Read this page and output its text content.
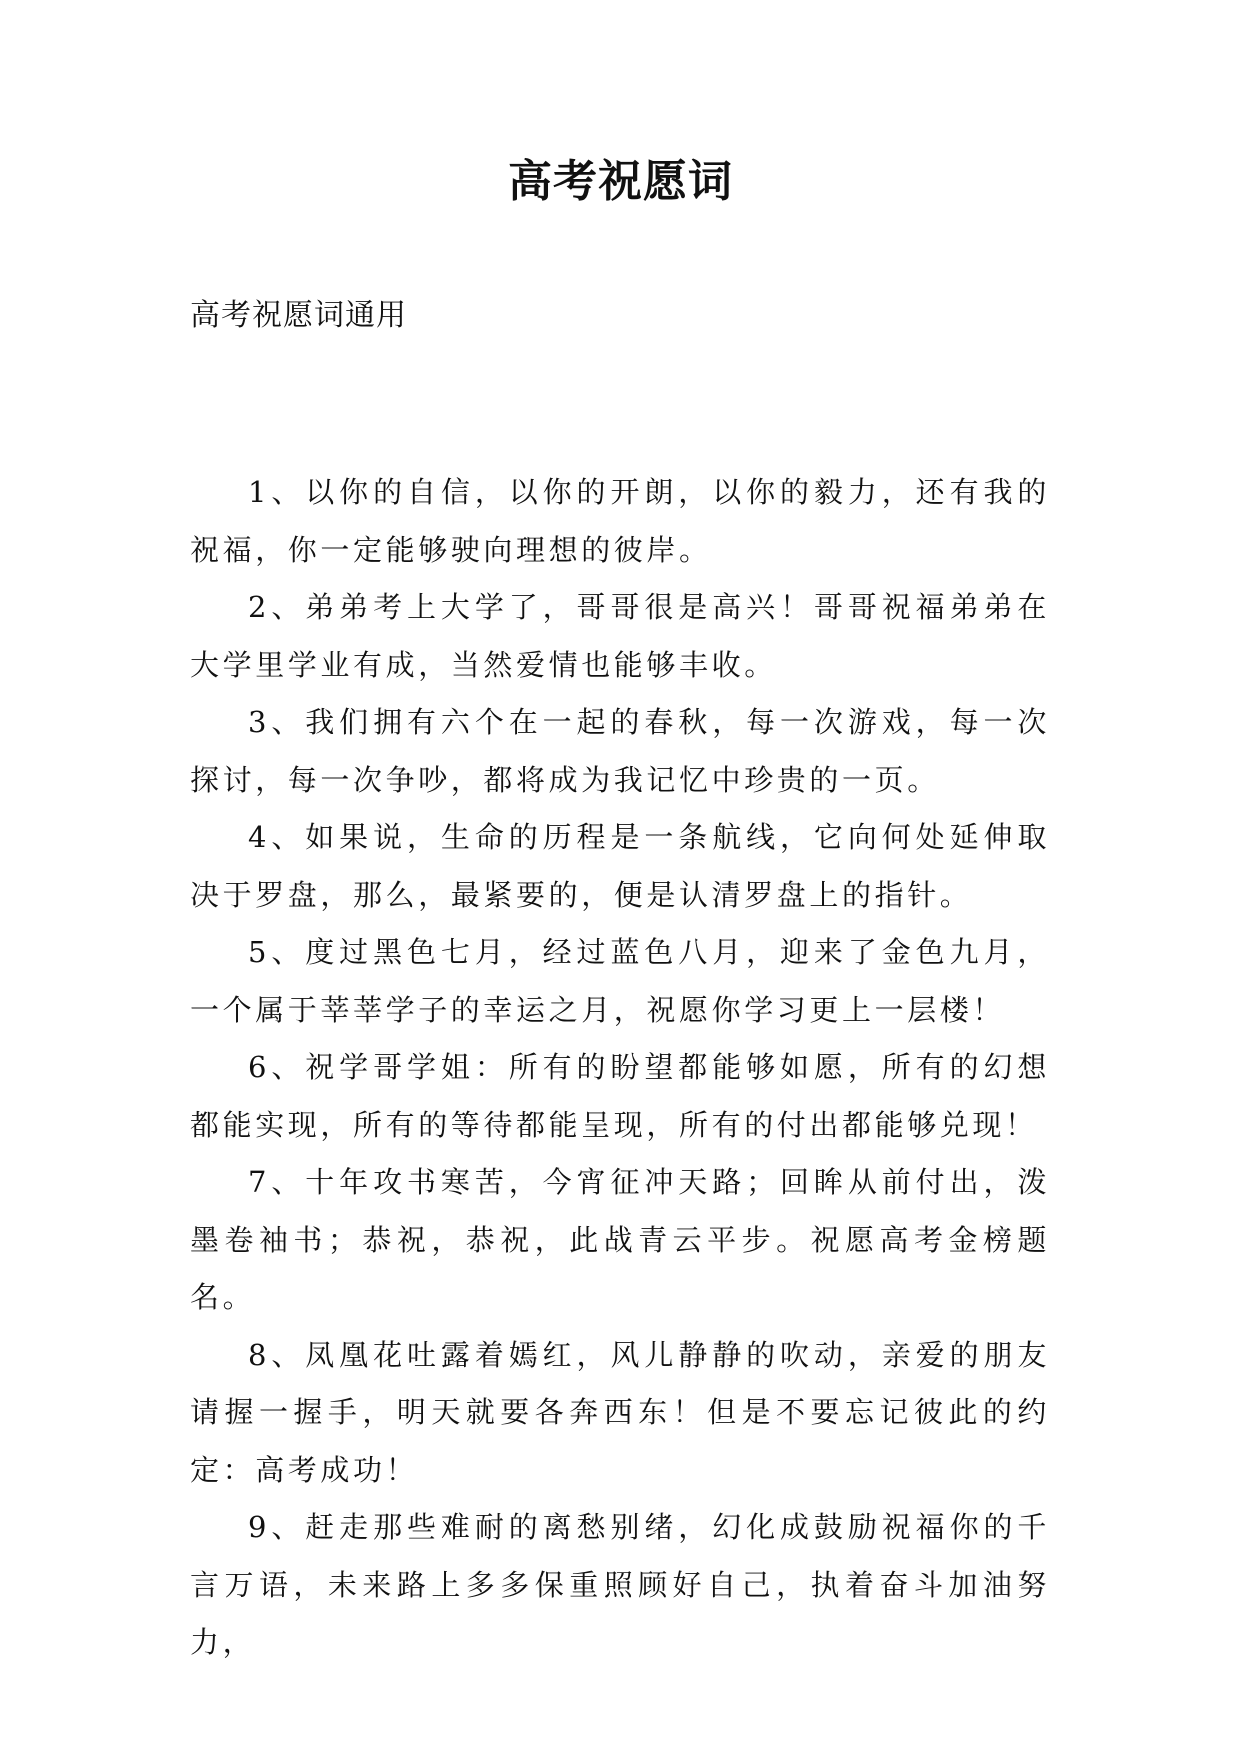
高考祝愿词

高考祝愿词通用

1、以你的自信，以你的开朗，以你的毅力，还有我的祝福，你一定能够驶向理想的彼岸。

2、弟弟考上大学了，哥哥很是高兴！哥哥祝福弟弟在大学里学业有成，当然爱情也能够丰收。

3、我们拥有六个在一起的春秋，每一次游戏，每一次探讨，每一次争吵，都将成为我记忆中珍贵的一页。

4、如果说，生命的历程是一条航线，它向何处延伸取决于罗盘，那么，最紧要的，便是认清罗盘上的指针。

5、度过黑色七月，经过蓝色八月，迎来了金色九月，一个属于莘莘学子的幸运之月，祝愿你学习更上一层楼！

6、祝学哥学姐：所有的盼望都能够如愿，所有的幻想都能实现，所有的等待都能呈现，所有的付出都能够兑现！

7、十年攻书寒苦，今宵征冲天路；回眸从前付出，泼墨卷袖书；恭祝，恭祝，此战青云平步。祝愿高考金榜题名。

8、凤凰花吐露着嫣红，风儿静静的吹动，亲爱的朋友请握一握手，明天就要各奔西东！但是不要忘记彼此的约定：高考成功！

9、赶走那些难耐的离愁别绪，幻化成鼓励祝福你的千言万语，未来路上多多保重照顾好自己，执着奋斗加油努力，
